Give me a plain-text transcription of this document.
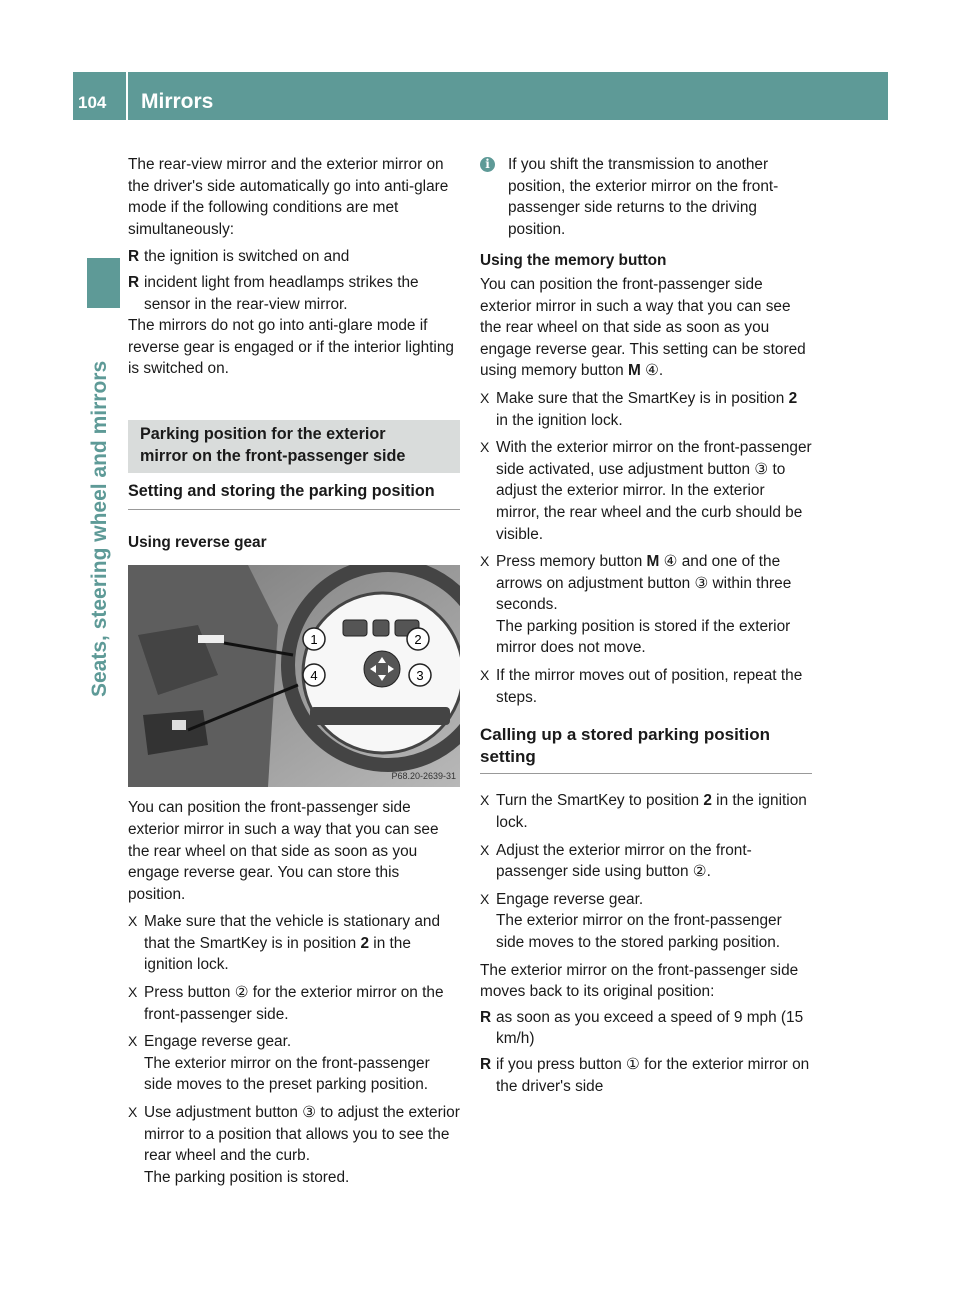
104 Mirrors
Seats, steering wheel and mirrors

The rear-view mirror and the exterior mirror on the driver's side automatically go into anti-glare mode if the following conditions are met simultaneously:

R the ignition is switched on and

R incident light from headlamps strikes the sensor in the rear-view mirror.

The mirrors do not go into anti-glare mode if reverse gear is engaged or if the interior lighting is switched on.

Parking position for the exterior

mirror on the front-passenger side

Setting and storing the parking position

Using reverse gear

1	2
3
4
P68.20-2639-31

You can position the front-passenger side exterior mirror in such a way that you can see the rear wheel on that side as soon as you engage reverse gear. You can store this position.

X Make sure that the vehicle is stationary and that the SmartKey is in position 2 in the ignition lock.

X Press button ② for the exterior mirror on the front-passenger side.

X Engage reverse gear.
The exterior mirror on the front-passenger side moves to the preset parking position.

X Use adjustment button ③ to adjust the exterior mirror to a position that allows you to see the rear wheel and the curb.
The parking position is stored.

i	If you shift the transmission to another position, the exterior mirror on the front-passenger side returns to the driving position.

Using the memory button

You can position the front-passenger side exterior mirror in such a way that you can see the rear wheel on that side as soon as you engage reverse gear. This setting can be stored using memory button M ④.

X Make sure that the SmartKey is in position 2 in the ignition lock.

X With the exterior mirror on the front-passenger side activated, use adjustment button ③ to adjust the exterior mirror. In the exterior mirror, the rear wheel and the curb should be visible.

X Press memory button M ④ and one of the arrows on adjustment button ③ within three seconds.
The parking position is stored if the exterior mirror does not move.

X If the mirror moves out of position, repeat the steps.

Calling up a stored parking position setting

X Turn the SmartKey to position 2 in the ignition lock.

X Adjust the exterior mirror on the front-passenger side using button ②.

X Engage reverse gear.
The exterior mirror on the front-passenger side moves to the stored parking position.

The exterior mirror on the front-passenger side moves back to its original position:

R as soon as you exceed a speed of 9 mph (15 km/h)

R if you press button ① for the exterior mirror on the driver's side
